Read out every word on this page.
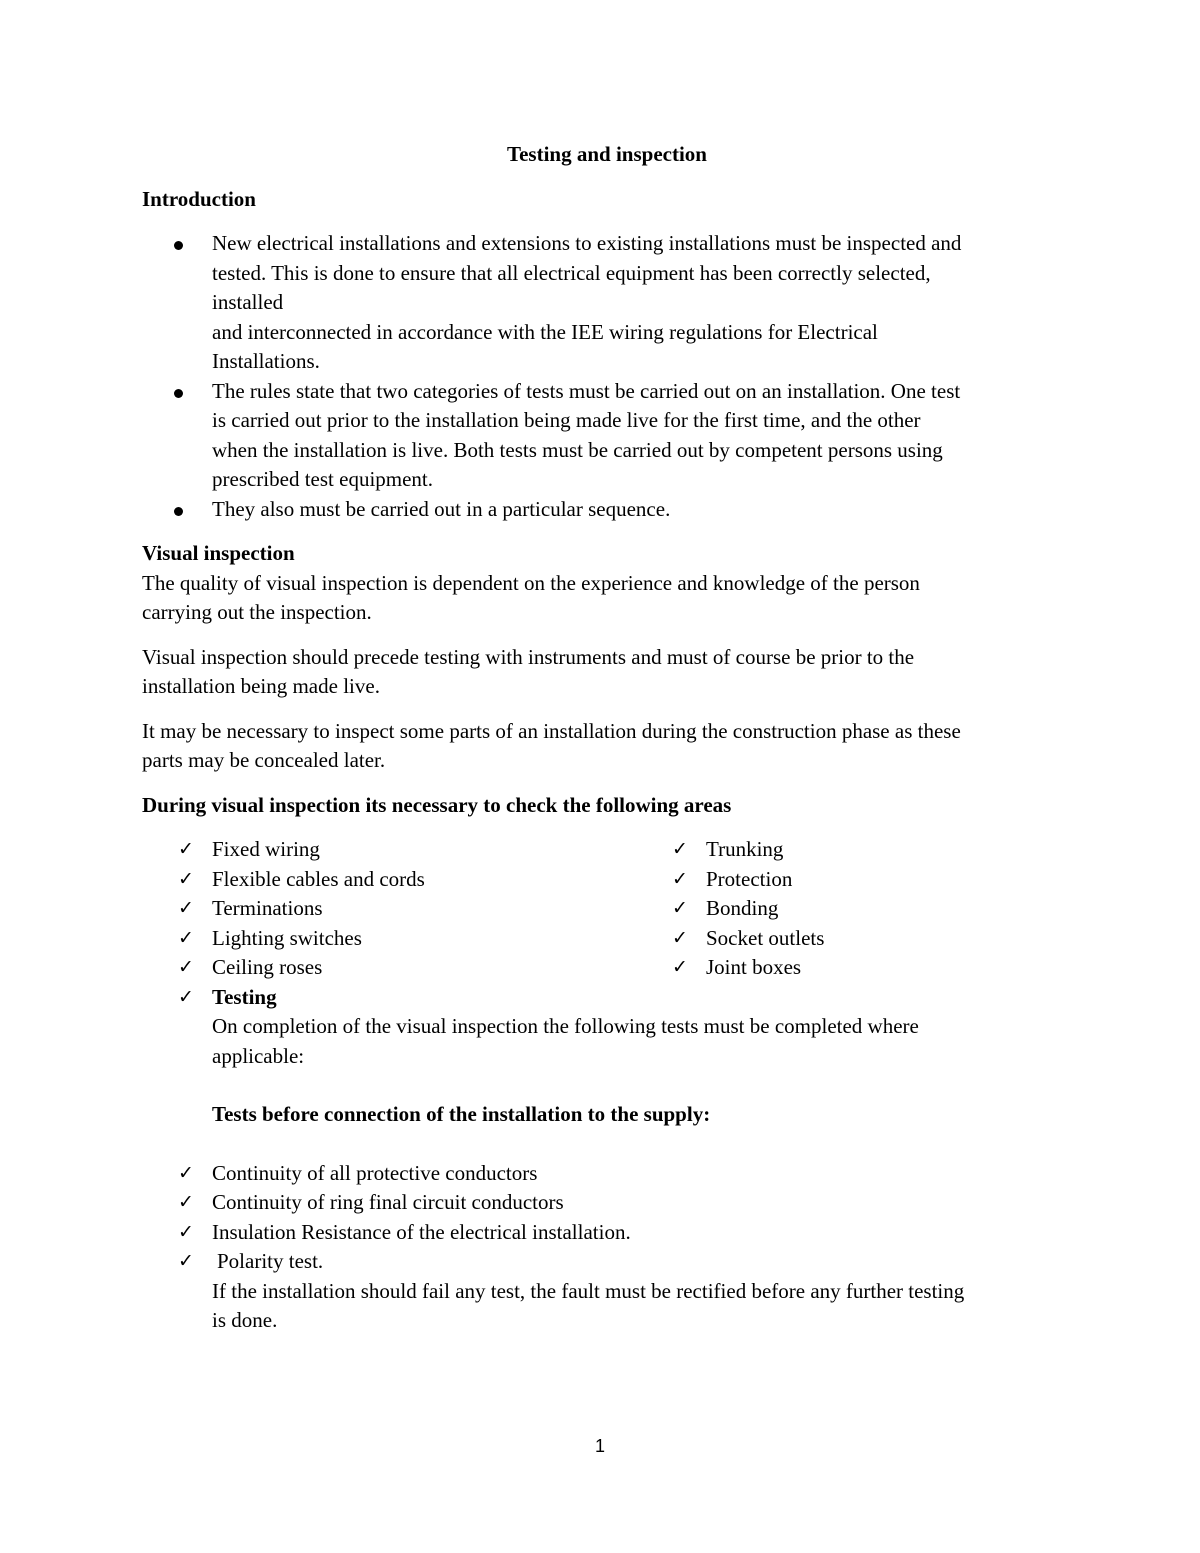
Testing and inspection
Introduction
New electrical installations and extensions to existing installations must be inspected and
tested. This is done to ensure that all electrical equipment has been correctly selected,
installed
and interconnected in accordance with the IEE wiring regulations for Electrical
Installations.
The rules state that two categories of tests must be carried out on an installation. One test
is carried out prior to the installation being made live for the first time, and the other
when the installation is live. Both tests must be carried out by competent persons using
prescribed test equipment.
They also must be carried out in a particular sequence.
Visual inspection
The quality of visual inspection is dependent on the experience and knowledge of the person
carrying out the inspection.
Visual inspection should precede testing with instruments and must of course be prior to the
installation being made live.
It may be necessary to inspect some parts of an installation during the construction phase as these
parts may be concealed later.
During visual inspection its necessary to check the following areas
✓ Fixed wiring
✓ Flexible cables and cords
✓ Terminations
✓ Lighting switches
✓ Ceiling roses
✓ Trunking
✓ Protection
✓ Bonding
✓ Socket outlets
✓ Joint boxes
✓ Testing
On completion of the visual inspection the following tests must be completed where
applicable:
Tests before connection of the installation to the supply:
✓ Continuity of all protective conductors
✓ Continuity of ring final circuit conductors
✓ Insulation Resistance of the electrical installation.
✓ Polarity test.
If the installation should fail any test, the fault must be rectified before any further testing
is done.
1
